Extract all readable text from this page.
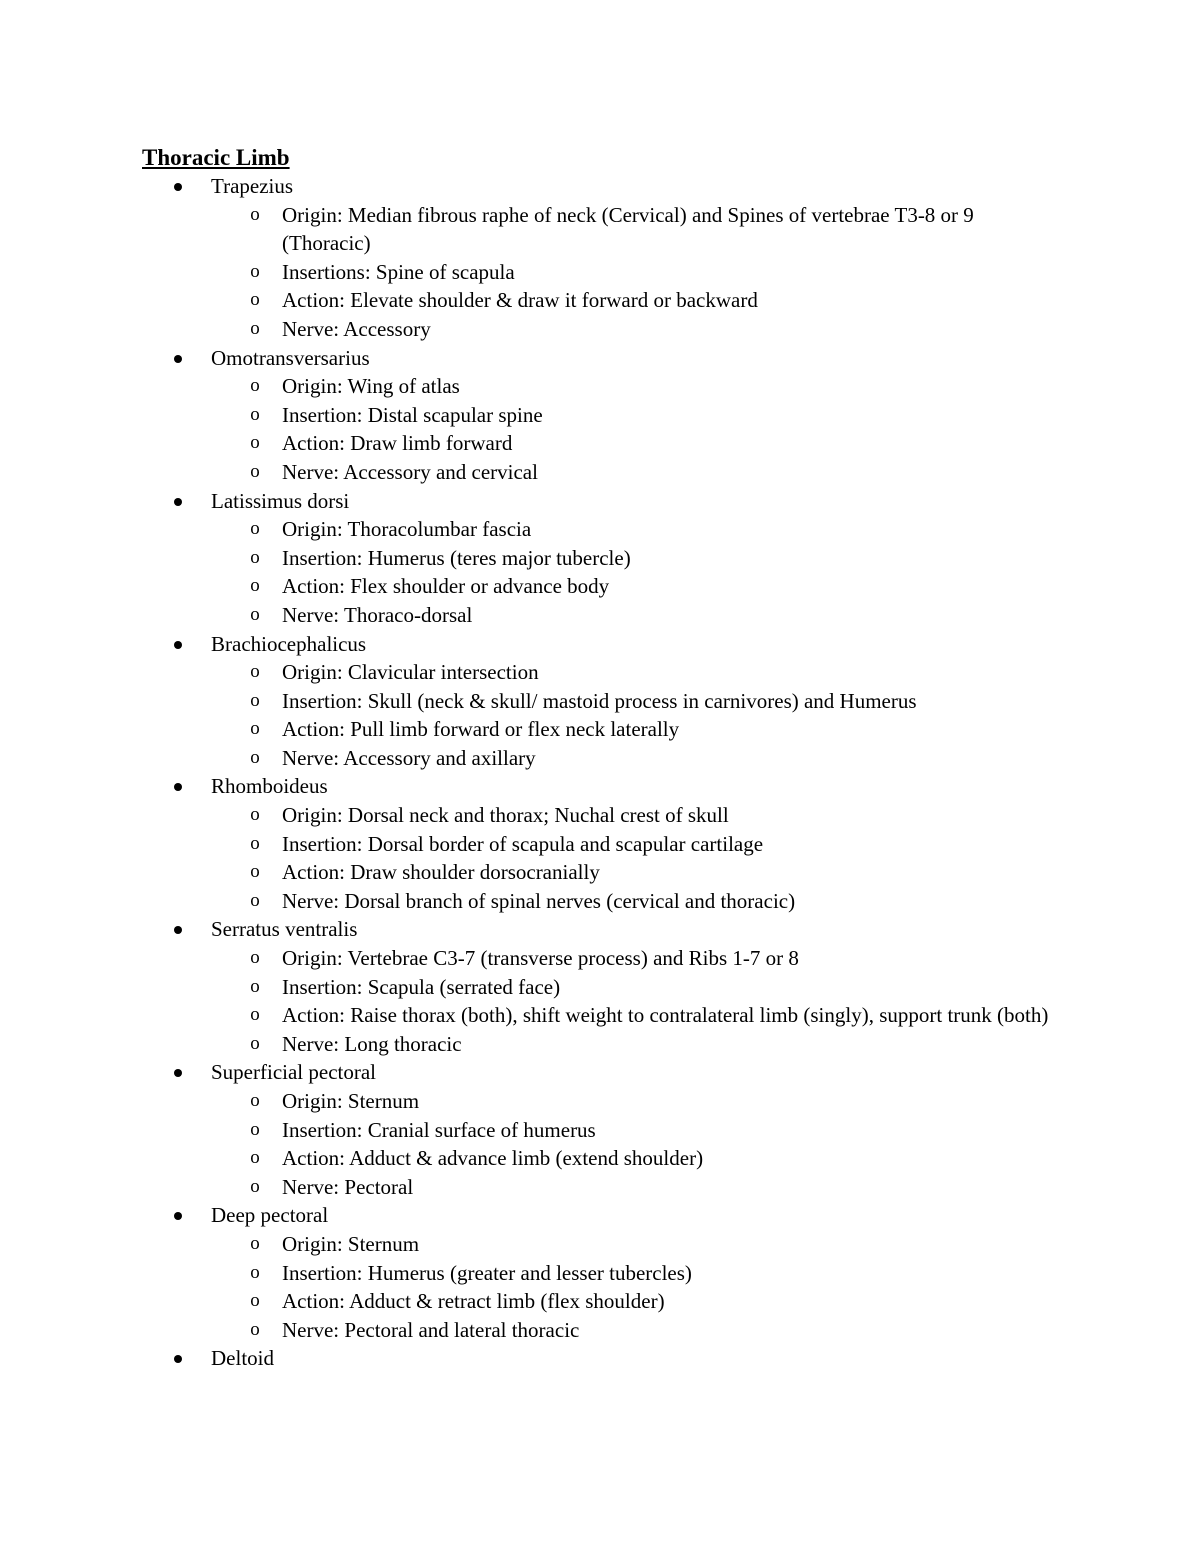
Thoracic Limb
Trapezius
o Origin: Median fibrous raphe of neck (Cervical) and Spines of vertebrae T3-8 or 9 (Thoracic)
o Insertions: Spine of scapula
o Action: Elevate shoulder & draw it forward or backward
o Nerve: Accessory
Omotransversarius
o Origin: Wing of atlas
o Insertion: Distal scapular spine
o Action: Draw limb forward
o Nerve: Accessory and cervical
Latissimus dorsi
o Origin: Thoracolumbar fascia
o Insertion: Humerus (teres major tubercle)
o Action: Flex shoulder or advance body
o Nerve: Thoraco-dorsal
Brachiocephalicus
o Origin: Clavicular intersection
o Insertion: Skull (neck & skull/ mastoid process in carnivores) and Humerus
o Action: Pull limb forward or flex neck laterally
o Nerve: Accessory and axillary
Rhomboideus
o Origin: Dorsal neck and thorax; Nuchal crest of skull
o Insertion: Dorsal border of scapula and scapular cartilage
o Action: Draw shoulder dorsocranially
o Nerve: Dorsal branch of spinal nerves (cervical and thoracic)
Serratus ventralis
o Origin: Vertebrae C3-7 (transverse process) and Ribs 1-7 or 8
o Insertion: Scapula (serrated face)
o Action: Raise thorax (both), shift weight to contralateral limb (singly), support trunk (both)
o Nerve: Long thoracic
Superficial pectoral
o Origin: Sternum
o Insertion: Cranial surface of humerus
o Action: Adduct & advance limb (extend shoulder)
o Nerve: Pectoral
Deep pectoral
o Origin: Sternum
o Insertion: Humerus (greater and lesser tubercles)
o Action: Adduct & retract limb (flex shoulder)
o Nerve: Pectoral and lateral thoracic
Deltoid
